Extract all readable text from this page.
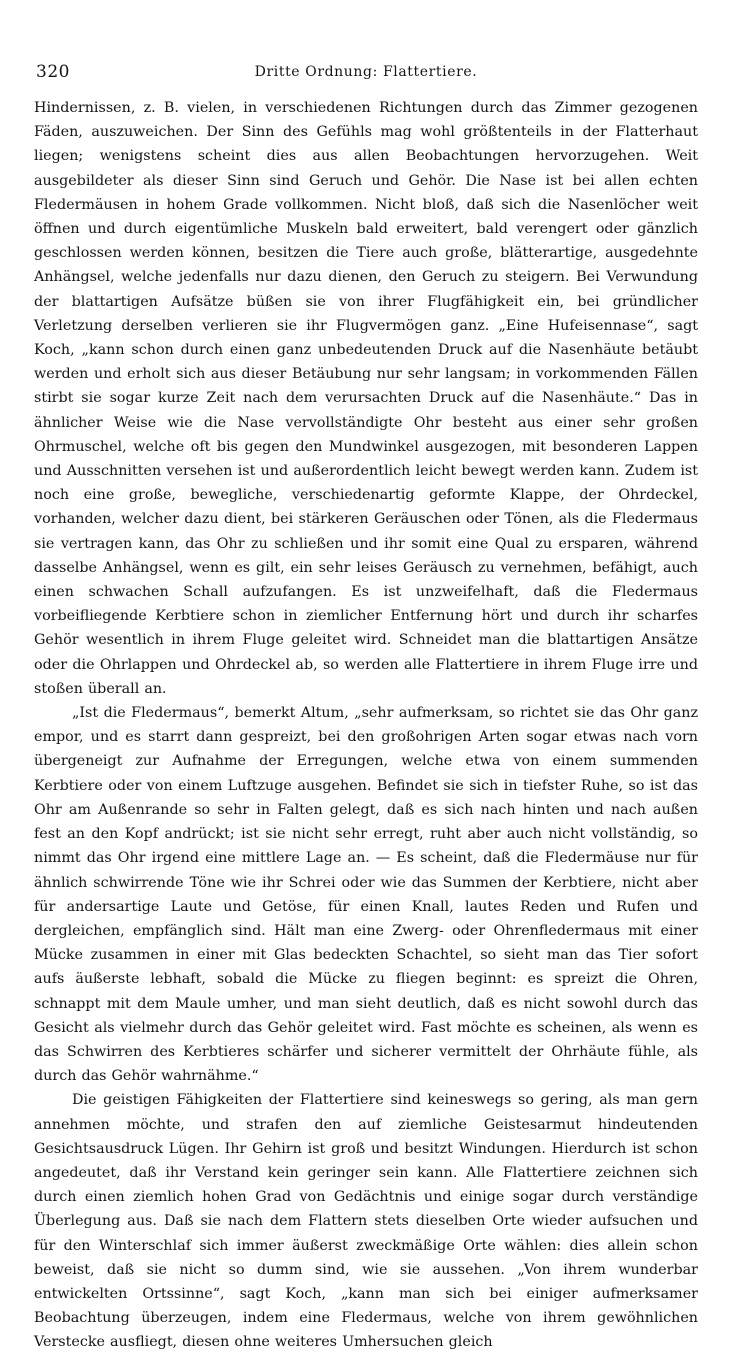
320	Dritte Ordnung: Flattertiere.

Hindernissen, z. B. vielen, in verschiedenen Richtungen durch das Zimmer gezogenen Fäden, auszuweichen. Der Sinn des Gefühls mag wohl größtenteils in der Flatterhaut liegen; wenigstens scheint dies aus allen Beobachtungen hervorzugehen. Weit ausgebildeter als dieser Sinn sind Geruch und Gehör. Die Nase ist bei allen echten Fledermäusen in hohem Grade vollkommen. Nicht bloß, daß sich die Nasenlöcher weit öffnen und durch eigentümliche Muskeln bald erweitert, bald verengert oder gänzlich geschlossen werden können, besitzen die Tiere auch große, blätterartige, ausgedehnte Anhängsel, welche jedenfalls nur dazu dienen, den Geruch zu steigern. Bei Verwundung der blattartigen Aufsätze büßen sie von ihrer Flugfähigkeit ein, bei gründlicher Verletzung derselben verlieren sie ihr Flugvermögen ganz. „Eine Hufeisennase“, sagt Koch, „kann schon durch einen ganz unbedeutenden Druck auf die Nasenhäute betäubt werden und erholt sich aus dieser Betäubung nur sehr langsam; in vorkommenden Fällen stirbt sie sogar kurze Zeit nach dem verursachten Druck auf die Nasenhäute.“ Das in ähnlicher Weise wie die Nase vervollständigte Ohr besteht aus einer sehr großen Ohrmuschel, welche oft bis gegen den Mundwinkel ausgezogen, mit besonderen Lappen und Ausschnitten versehen ist und außerordentlich leicht bewegt werden kann. Zudem ist noch eine große, bewegliche, verschiedenartig geformte Klappe, der Ohrdeckel, vorhanden, welcher dazu dient, bei stärkeren Geräuschen oder Tönen, als die Fledermaus sie vertragen kann, das Ohr zu schließen und ihr somit eine Qual zu ersparen, während dasselbe Anhängsel, wenn es gilt, ein sehr leises Geräusch zu vernehmen, befähigt, auch einen schwachen Schall aufzufangen. Es ist unzweifelhaft, daß die Fledermaus vorbeifliegende Kerbtiere schon in ziemlicher Entfernung hört und durch ihr scharfes Gehör wesentlich in ihrem Fluge geleitet wird. Schneidet man die blattartigen Ansätze oder die Ohrlappen und Ohrdeckel ab, so werden alle Flattertiere in ihrem Fluge irre und stoßen überall an.

„Ist die Fledermaus“, bemerkt Altum, „sehr aufmerksam, so richtet sie das Ohr ganz empor, und es starrt dann gespreizt, bei den großohrigen Arten sogar etwas nach vorn übergeneigt zur Aufnahme der Erregungen, welche etwa von einem summenden Kerbtiere oder von einem Luftzuge ausgehen. Befindet sie sich in tiefster Ruhe, so ist das Ohr am Außenrande so sehr in Falten gelegt, daß es sich nach hinten und nach außen fest an den Kopf andrückt; ist sie nicht sehr erregt, ruht aber auch nicht vollständig, so nimmt das Ohr irgend eine mittlere Lage an. — Es scheint, daß die Fledermäuse nur für ähnlich schwirrende Töne wie ihr Schrei oder wie das Summen der Kerbtiere, nicht aber für andersartige Laute und Getöse, für einen Knall, lautes Reden und Rufen und dergleichen, empfänglich sind. Hält man eine Zwerg- oder Ohrenfledermaus mit einer Mücke zusammen in einer mit Glas bedeckten Schachtel, so sieht man das Tier sofort aufs äußerste lebhaft, sobald die Mücke zu fliegen beginnt: es spreizt die Ohren, schnappt mit dem Maule umher, und man sieht deutlich, daß es nicht sowohl durch das Gesicht als vielmehr durch das Gehör geleitet wird. Fast möchte es scheinen, als wenn es das Schwirren des Kerbtieres schärfer und sicherer vermittelt der Ohrhäute fühle, als durch das Gehör wahrnähme.“

Die geistigen Fähigkeiten der Flattertiere sind keineswegs so gering, als man gern annehmen möchte, und strafen den auf ziemliche Geistesarmut hindeutenden Gesichtsausdruck Lügen. Ihr Gehirn ist groß und besitzt Windungen. Hierdurch ist schon angedeutet, daß ihr Verstand kein geringer sein kann. Alle Flattertiere zeichnen sich durch einen ziemlich hohen Grad von Gedächtnis und einige sogar durch verständige Überlegung aus. Daß sie nach dem Flattern stets dieselben Orte wieder aufsuchen und für den Winterschlaf sich immer äußerst zweckmäßige Orte wählen: dies allein schon beweist, daß sie nicht so dumm sind, wie sie aussehen. „Von ihrem wunderbar entwickelten Ortssinne“, sagt Koch, „kann man sich bei einiger aufmerksamer Beobachtung überzeugen, indem eine Fledermaus, welche von ihrem gewöhnlichen Verstecke ausfliegt, diesen ohne weiteres Umhersuchen gleich
